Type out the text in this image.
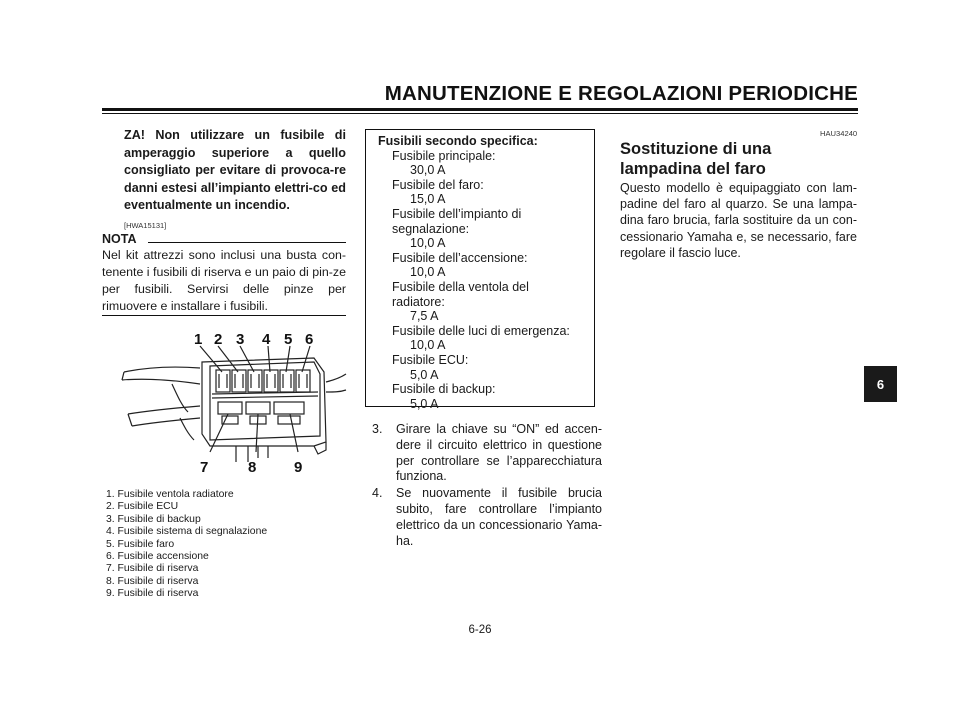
MANUTENZIONE E REGOLAZIONI PERIODICHE
ZA! Non utilizzare un fusibile di amperaggio superiore a quello consigliato per evitare di provoca-re danni estesi all’impianto elettri-co ed eventualmente un incendio.
[HWA15131]
NOTA
Nel kit attrezzi sono inclusi una busta con-tenente i fusibili di riserva e un paio di pin-ze per fusibili. Servirsi delle pinze per rimuovere e installare i fusibili.
1 2 3 4 5 6
7	8	9
1. Fusibile ventola radiatore
2. Fusibile ECU
3. Fusibile di backup
4. Fusibile sistema di segnalazione
5. Fusibile faro
6. Fusibile accensione
7. Fusibile di riserva
8. Fusibile di riserva
9. Fusibile di riserva
Fusibili secondo specifica:
Fusibile principale:
30,0 A
Fusibile del faro:
15,0 A
Fusibile dell’impianto di
segnalazione:
10,0 A
Fusibile dell’accensione:
10,0 A
Fusibile della ventola del
radiatore:
7,5 A
Fusibile delle luci di emergenza:
10,0 A
Fusibile ECU:
5,0 A
Fusibile di backup:
5,0 A
3. Girare la chiave su “ON” ed accen-dere il circuito elettrico in questione per controllare se l’apparecchiatura funziona.
4. Se nuovamente il fusibile brucia subito, fare controllare l’impianto elettrico da un concessionario Yama-ha.
HAU34240
Sostituzione di una lampadina del faro
Questo modello è equipaggiato con lam-padine del faro al quarzo. Se una lampa-dina faro brucia, farla sostituire da un con-cessionario Yamaha e, se necessario, fare regolare il fascio luce.
6
6-26
